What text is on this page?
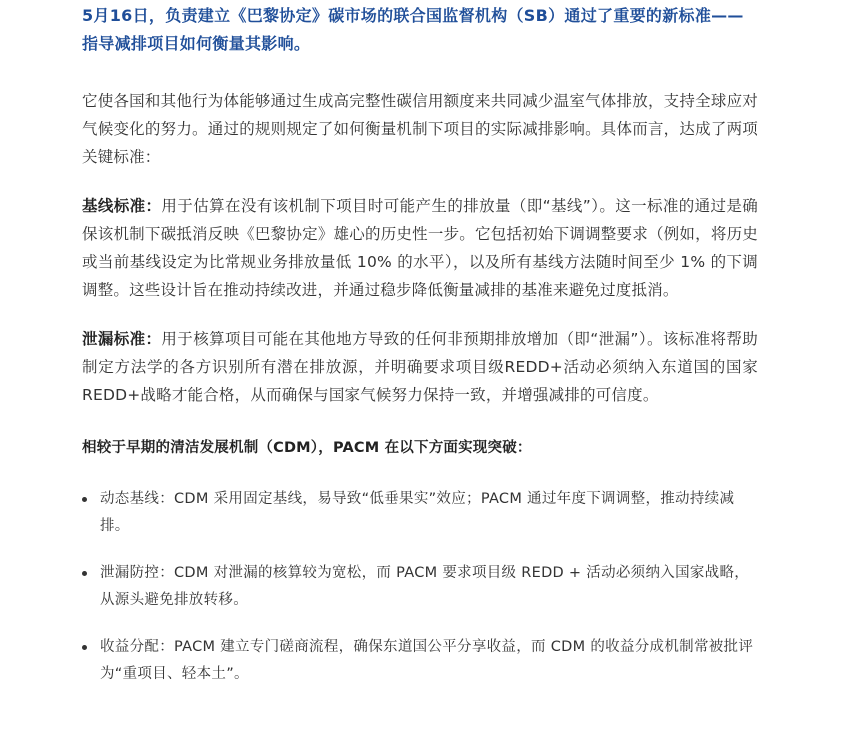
5月16日，负责建立《巴黎协定》碳市场的联合国监督机构（SB）通过了重要的新标准——指导减排项目如何衡量其影响。

它使各国和其他行为体能够通过生成高完整性碳信用额度来共同减少温室气体排放，支持全球应对气候变化的努力。通过的规则规定了如何衡量机制下项目的实际减排影响。具体而言，达成了两项关键标准：

基线标准：用于估算在没有该机制下项目时可能产生的排放量（即“基线”）。这一标准的通过是确保该机制下碳抵消反映《巴黎协定》雄心的历史性一步。它包括初始下调调整要求（例如，将历史或当前基线设定为比常规业务排放量低 10% 的水平），以及所有基线方法随时间至少 1% 的下调调整。这些设计旨在推动持续改进，并通过稳步降低衡量减排的基准来避免过度抵消。

泄漏标准：用于核算项目可能在其他地方导致的任何非预期排放增加（即“泄漏”）。该标准将帮助制定方法学的各方识别所有潜在排放源，并明确要求项目级REDD+活动必须纳入东道国的国家REDD+战略才能合格，从而确保与国家气候努力保持一致，并增强减排的可信度。

相较于早期的清洁发展机制（CDM），PACM 在以下方面实现突破：

动态基线：CDM 采用固定基线，易导致“低垂果实”效应；PACM 通过年度下调调整，推动持续减排。
泄漏防控：CDM 对泄漏的核算较为宽松，而 PACM 要求项目级 REDD + 活动必须纳入国家战略，从源头避免排放转移。
收益分配：PACM 建立专门磋商流程，确保东道国公平分享收益，而 CDM 的收益分成机制常被批评为“重项目、轻本土”。
